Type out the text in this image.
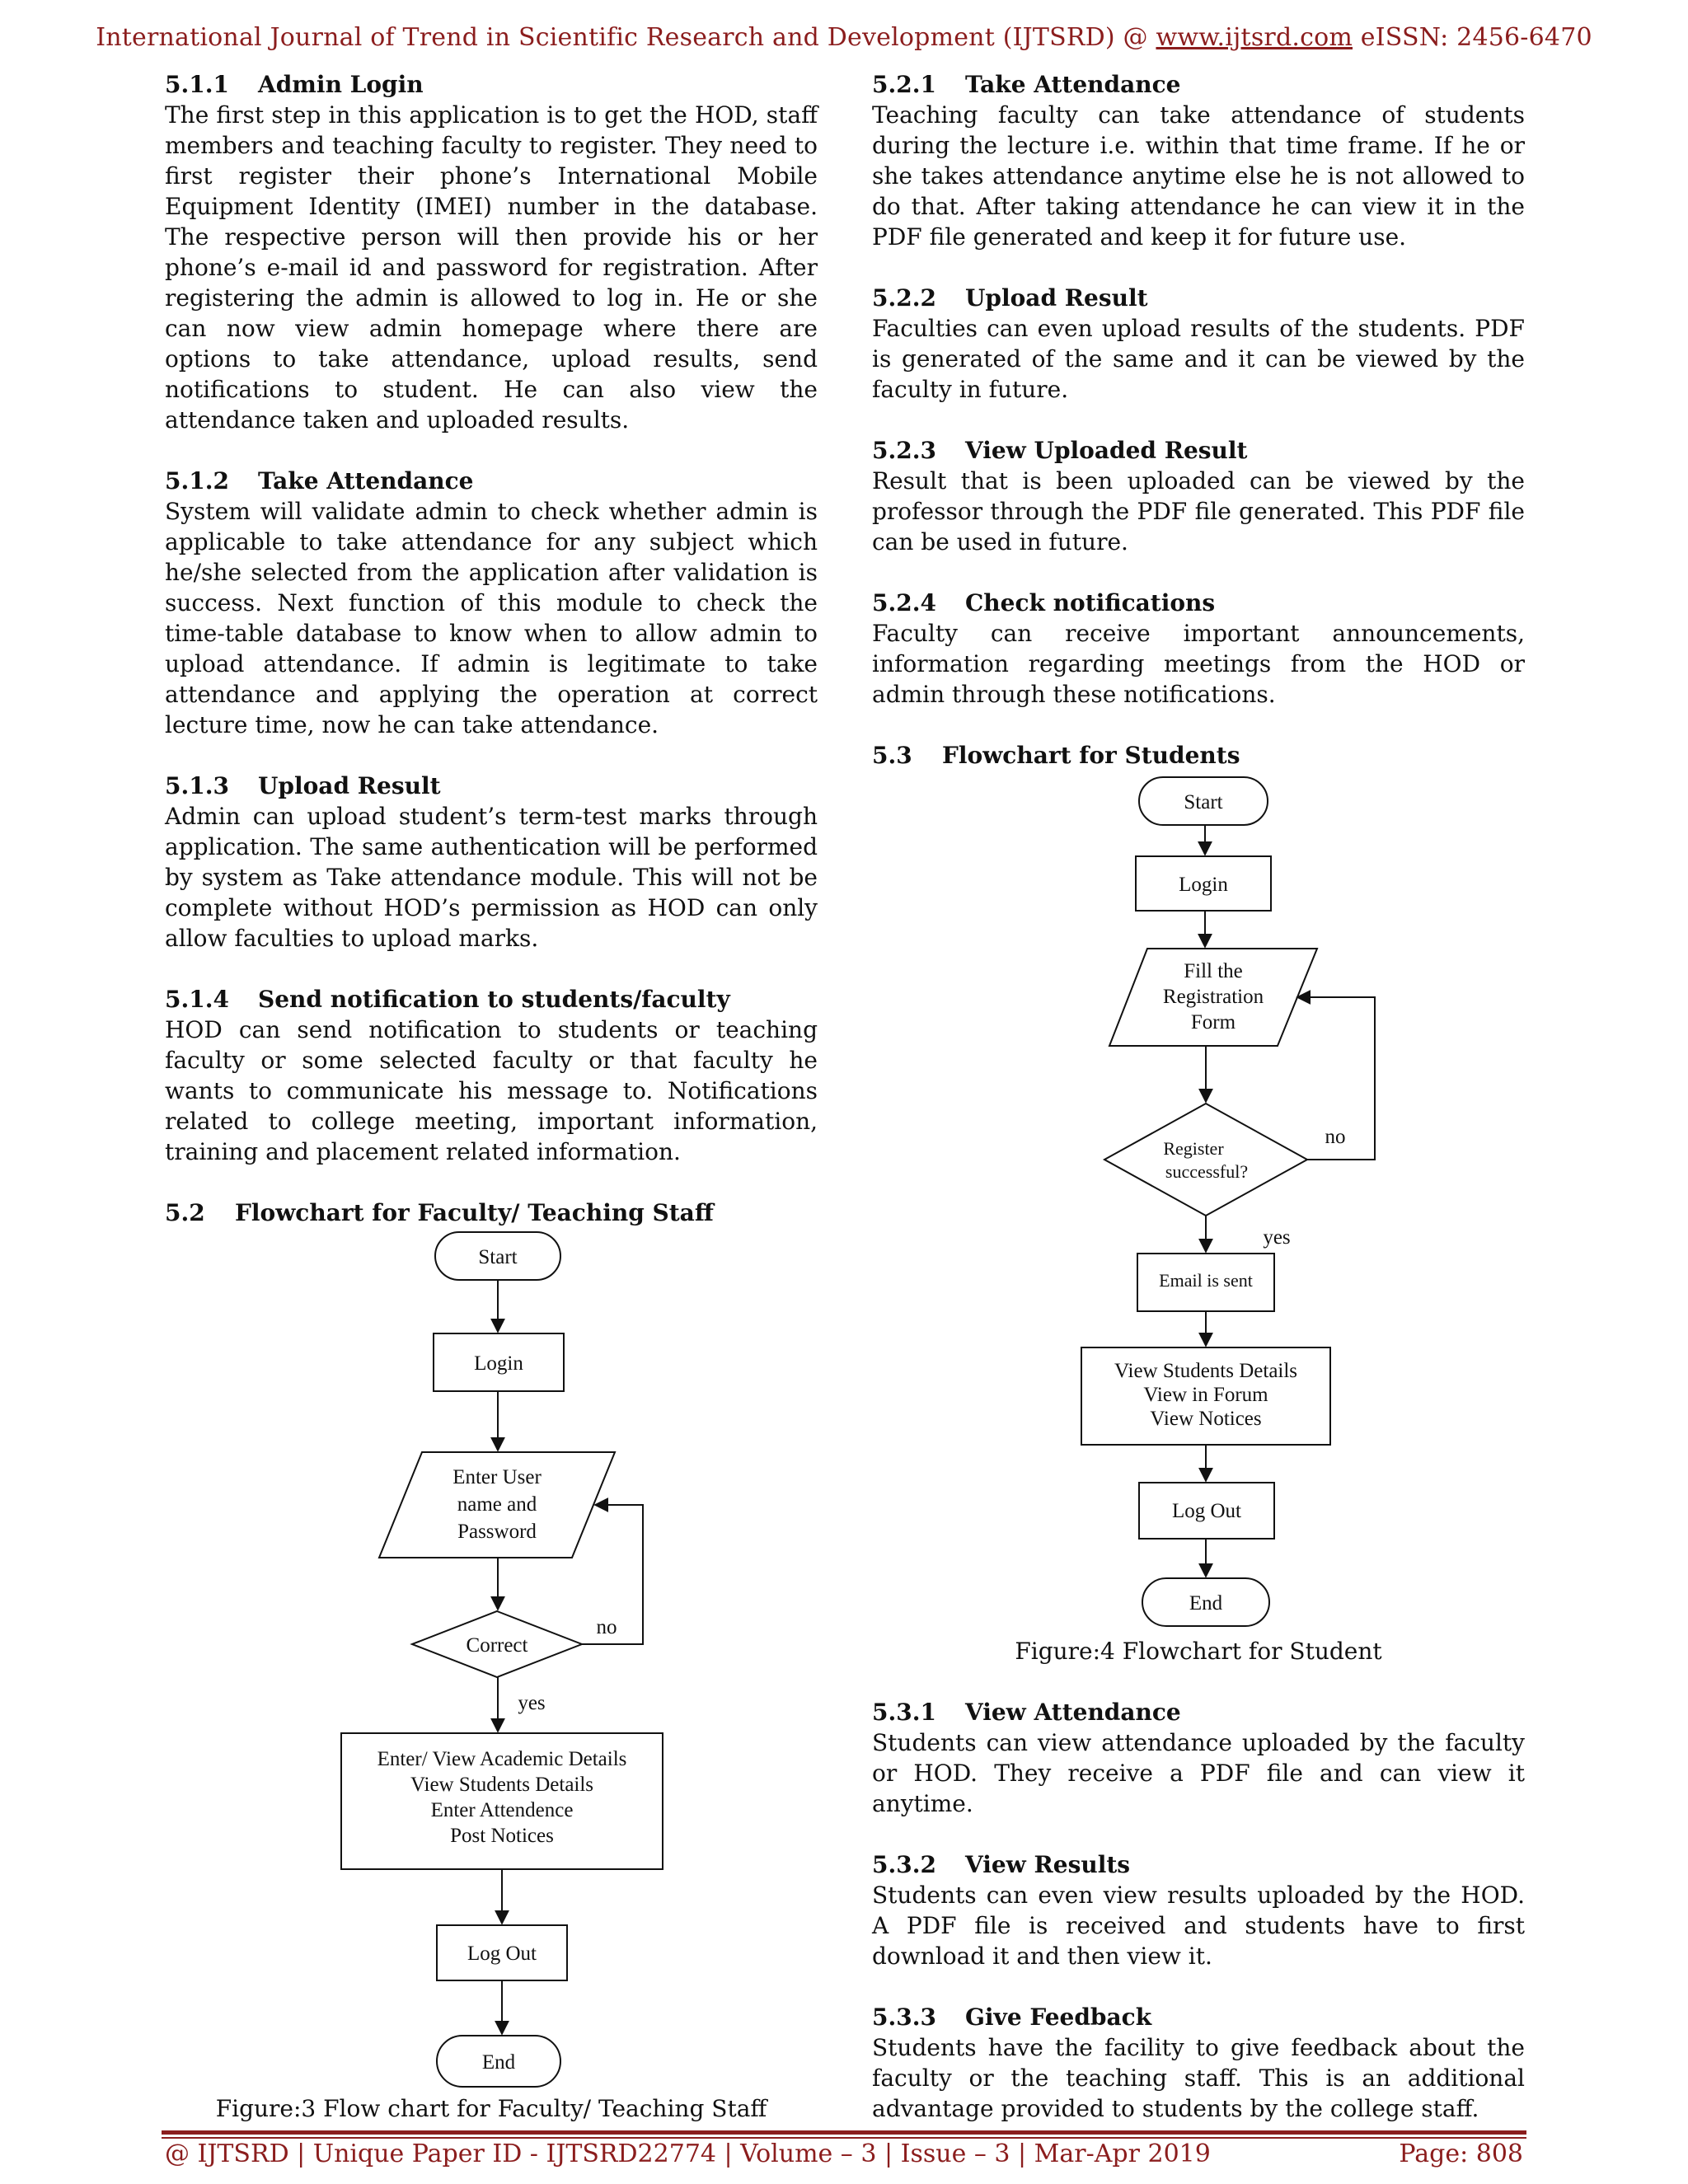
International Journal of Trend in Scientific Research and Development (IJTSRD) @ www.ijtsrd.com eISSN: 2456-6470

5.1.1 Admin Login

The first step in this application is to get the HOD, staff members and teaching faculty to register. They need to first register their phone’s International Mobile Equipment Identity (IMEI) number in the database. The respective person will then provide his or her phone’s e-mail id and password for registration. After registering the admin is allowed to log in. He or she can now view admin homepage where there are options to take attendance, upload results, send notifications to student. He can also view the attendance taken and uploaded results.

5.1.2 Take Attendance

System will validate admin to check whether admin is applicable to take attendance for any subject which he/she selected from the application after validation is success. Next function of this module to check the time-table database to know when to allow admin to upload attendance. If admin is legitimate to take attendance and applying the operation at correct lecture time, now he can take attendance.

5.1.3 Upload Result

Admin can upload student’s term-test marks through application. The same authentication will be performed by system as Take attendance module. This will not be complete without HOD’s permission as HOD can only allow faculties to upload marks.

5.1.4 Send notification to students/faculty

HOD can send notification to students or teaching faculty or some selected faculty or that faculty he wants to communicate his message to. Notifications related to college meeting, important information, training and placement related information.

5.2 Flowchart for Faculty/ Teaching Staff

Start
Login
Enter User
name and
Password
Correct
no
yes
Enter/ View Academic Details
View Students Details
Enter Attendence
Post Notices
Log Out
End

Figure:3 Flow chart for Faculty/ Teaching Staff

5.2.1 Take Attendance

Teaching faculty can take attendance of students during the lecture i.e. within that time frame. If he or she takes attendance anytime else he is not allowed to do that. After taking attendance he can view it in the PDF file generated and keep it for future use.

5.2.2 Upload Result

Faculties can even upload results of the students. PDF is generated of the same and it can be viewed by the faculty in future.

5.2.3 View Uploaded Result

Result that is been uploaded can be viewed by the professor through the PDF file generated. This PDF file can be used in future.

5.2.4 Check notifications

Faculty can receive important announcements, information regarding meetings from the HOD or admin through these notifications.

5.3 Flowchart for Students

Start
Login
Fill the
Registration
Form
Register
successful?
no
yes
Email is sent
View Students Details
View in Forum
View Notices
Log Out
End

Figure:4 Flowchart for Student

5.3.1 View Attendance

Students can view attendance uploaded by the faculty or HOD. They receive a PDF file and can view it anytime.

5.3.2 View Results

Students can even view results uploaded by the HOD. A PDF file is received and students have to first download it and then view it.

5.3.3 Give Feedback

Students have the facility to give feedback about the faculty or the teaching staff. This is an additional advantage provided to students by the college staff.

@ IJTSRD | Unique Paper ID - IJTSRD22774 | Volume – 3 | Issue – 3 | Mar-Apr 2019	Page: 808
